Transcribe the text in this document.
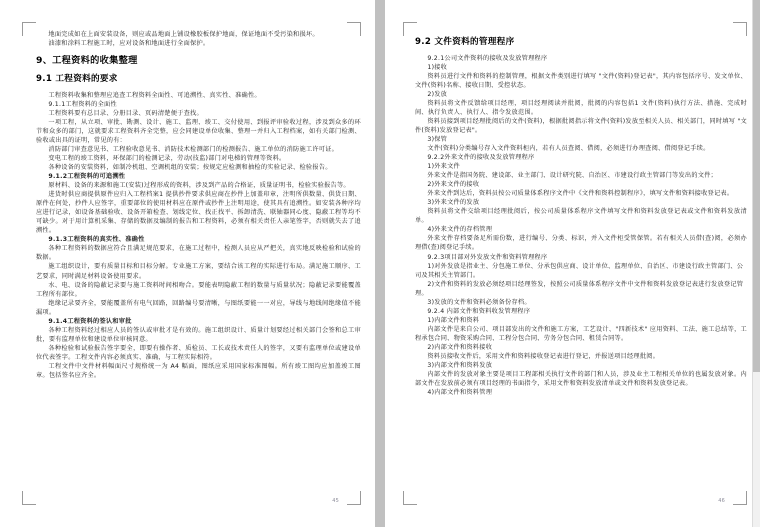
地面完成如在上面安装设备，则应或品地面上铺设橡胶板保护地面，保证地面不受污染和损坏。

油漆和涂料工程施工时，应对设备和地面进行全面保护。

9、工程资料的收集整理
9.1 工程资料的要求

工程资料收集和整理应追查工程资料全面性、可追溯性、真实性、准确性。

9.1.1工程资料的全面性

工程资料要有总目录、分册目录、页码清楚便于查找。

一项工程，从立项、审批、勘测、设计、施工、监理、竣工、交付使用、到报评审验收过程，涉及到众多的环节和众多的部门，这就要求工程资料齐全完整，应会同建设单位收集、整理一并归入工程档案，如有关部门检测、验收或出具的证明，常见的有：

消防部门审查意见书、工程验收意见书、消防技术检测部门的检测报告、施工单位的消防施工许可证。

变电工程的竣工资料，环保部门的检测记录，劳动(技监)部门对电梯的管理等资料。

各种设备的安装资料，如制冷机组、空调机组的安装；按规定应检测和抽检的实验记录、检验报告。

9.1.2工程资料的可追溯性

原材料、设备的来源和施工(安装)过程形成的资料，涉及到产品的合格证，质量证明书，检验实验报告等。

进货时供应商提供原件应归入工程档案1 提供抄件要求供应商在抄件上加盖印章，注明所供数量、供货日期、原件在何处，抄件人应签字，重要部位的使用材料应在原件或抄件上注明用途，使其具有追溯性。如安装各种序均应进行记录，如设备基础验收、设备开箱检查、划线定位、找正找平、拆卸清洗、联轴器同心度、隐蔽工程等均不可缺少。对于用计算机采集、存储的数据及编制的报告和工程资料，必须有相关责任人亲笔签字，否则就失去了追溯性。

9.1.3工程资料的真实性、准确性

各种工程资料的数据应符合且满足规范要求，在施工过程中，检测人员应从严把关，真实地反映检验和试验的数据。

施工组织设计，要有质量目标和目标分解。专业施工方案，要结合该工程的实际进行布局。满足施工顺序、工艺要求，同时满足材料设备使用要求。

水、电、设备的隐蔽记录要与施工资料时间相吻合。要能表明隐蔽工程的数量与质量状况；隐蔽记录要能覆盖工程所有部位。

绝缘记录要齐全，要能覆盖所有电气回路，回路编号要清晰，与图纸要能一一对应，导线与地线间绝缘值不能漏项。

9.1.4工程资料的签认和审批

各种工程资料经过相应人员的签认或审批才是有效的。施工组织设计、质量计划要经过相关部门会签和总工审批，要有监理单位和建设单位审核同意。

各种检验和试验报告签字要全，即要有操作者、质检员、工长或技术责任人的签字，又要有监理单位或建设单位代表签字。工程文件内容必须真实、准确，与工程实际相符。

工程文件中文件材料幅面尺寸规格统一为 A4 幅面，图纸应采用国家标准图幅。所有竣工图均应加盖竣工图章。包括签名应齐全。

45
9.2 文件资料的管理程序

9.2.1公司文件资料的接收及发放管理程序

1)接收

资料员进行文件和资料的控制管理，根据文件类别进行填写 "文件(资料)登记表"，其内容包括序号、发文单位、文件(资料)名称、接收日期、受控状态。

2)发放

资料员将文件反馈给项目经理，项目经理阅读并批阅，批阅的内容包括1 文件(资料)执行方法、措施、完成时间、执行负责人、执行人、指令发放范围。

资料员接到项目经理批阅后的文件(资料)，根据批阅指示将文件(资料)发放至相关人员、相关部门，同时填写 "文件(资料)发放登记表"。

3)保管

文件(资料)分类编号存入文件资料柜内，若有人员查阅、借阅，必须进行办理查阅、借阅登记手续。

9.2.2外来文件的接收及发放管理程序

1)外来文件

外来文件是指国务院、建设部、业主部门、设计研究院、自治区、市建设行政主管部门等发出的文件；

2)外来文件的接收

外来文件到达后，资料员按公司质量体系程序文件中《文件和资料控制程序》，填写文件和资料接收登记表。

3)外来文件的发放

资料员将文件交给项目经理批阅后，按公司质量体系程序文件填写文件和资料发放登记表或文件和资料发放清单。

4)外来文件的存档管理

外来文件存档要备足所需份数，进行编号、分类、标识，并入文件柜受管保管。若有相关人员借(查)阅，必须办理借(查)阅登记手续。

9.2.3项目部对外发放文件和资料管理程序

1)对外发放是指业主、分包施工单位、分承包供应商、设计单位、监理单位、自治区、市建设行政主管部门、公司及其相关主管部门。

2)文件和资料的发放必须经项目经理签发，按照公司质量体系程序文件中文件和资料发放登记表进行发放登记管理。

3)发放的文件和资料必须备份存档。

9.2.4 内部文件和资料收发管理程序

1)内部文件和资料

内部文件是来自公司、项目部发出的文件和施工方案，工艺设计、"四新技术" 应用资料、工法、施工总结等，工程承包合同、物资采购合同、工程分包合同、劳务分包合同、租赁合同等。

2)内部文件和资料接收

资料员接收文件后，采用文件和资料接收登记表进行登记，并报送项目经理批阅。

3)内部文件和资料发放

内部文件的发放对象主要是项目工程部相关执行文件的部门和人员，涉及业主工程相关单位的也属发放对象。内部文件在发放前必须有项目经理的书面指令，采用文件和资料发放清单或文件和资料发放登记表。

4)内部文件和资料管理

46
